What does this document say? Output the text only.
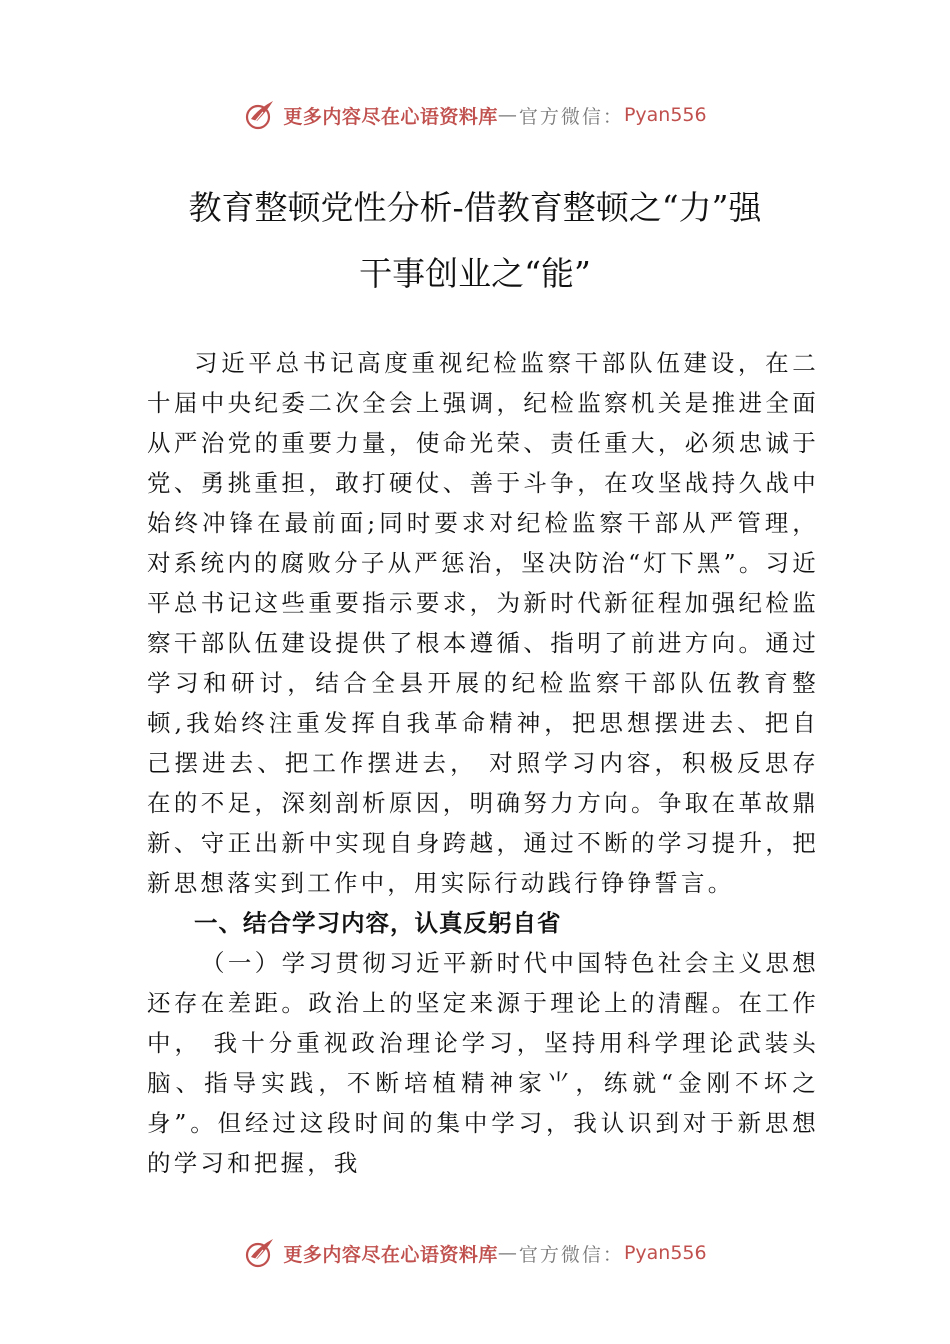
更多内容尽在心语资料库 — 官方微信： Pyan556
教育整顿党性分析-借教育整顿之“力”强
干事创业之“能”

习近平总书记高度重视纪检监察干部队伍建设，在二十届中央纪委二次全会上强调，纪检监察机关是推进全面从严治党的重要力量，使命光荣、责任重大，必须忠诚于党、勇挑重担，敢打硬仗、善于斗争，在攻坚战持久战中始终冲锋在最前面;同时要求对纪检监察干部从严管理，对系统内的腐败分子从严惩治，坚决防治“灯下黑”。习近平总书记这些重要指示要求，为新时代新征程加强纪检监察干部队伍建设提供了根本遵循、指明了前进方向。通过学习和研讨，结合全县开展的纪检监察干部队伍教育整顿,我始终注重发挥自我革命精神，把思想摆进去、把自己摆进去、把工作摆进去， 对照学习内容，积极反思存在的不足，深刻剖析原因，明确努力方向。争取在革故鼎新、守正出新中实现自身跨越，通过不断的学习提升，把新思想落实到工作中，用实际行动践行铮铮誓言。

一、结合学习内容，认真反躬自省

（一）学习贯彻习近平新时代中国特色社会主义思想还存在差距。政治上的坚定来源于理论上的清醒。在工作中， 我十分重视政治理论学习，坚持用科学理论武装头脑、指导实践，不断培植精神家⺌，练就“金刚不坏之身”。但经过这段时间的集中学习，我认识到对于新思想的学习和把握，我

更多内容尽在心语资料库 — 官方微信： Pyan556
